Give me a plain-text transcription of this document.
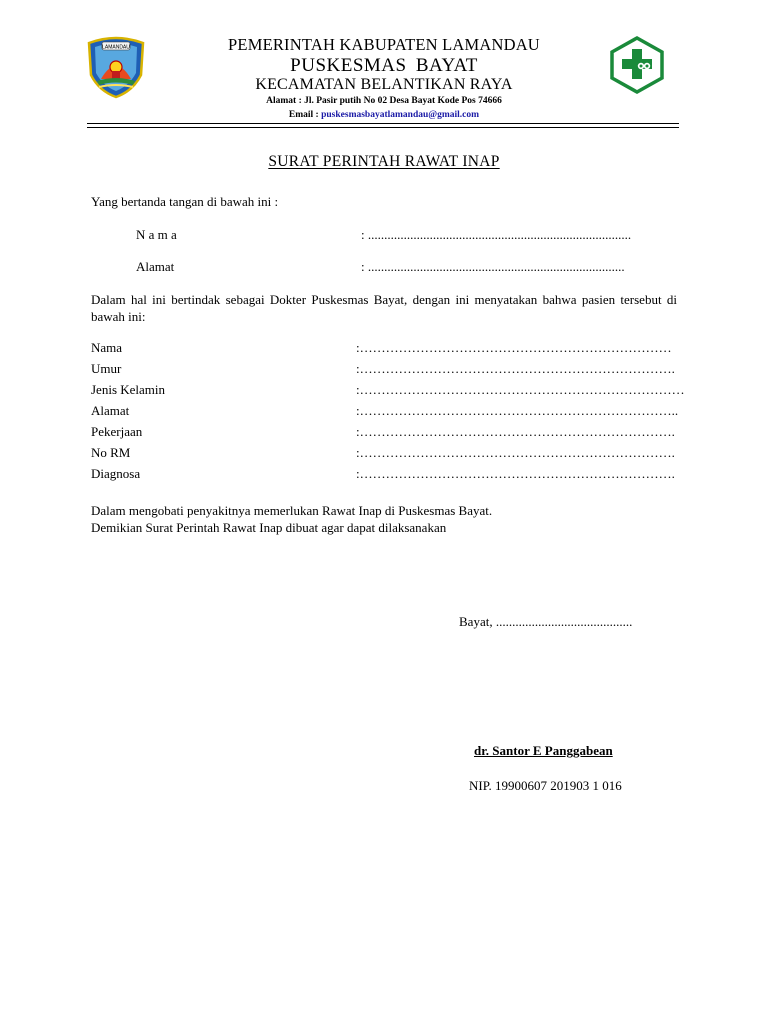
LAMANDAU	PEMERINTAH KABUPATEN LAMANDAU
PUSKESMAS BAYAT
KECAMATAN BELANTIKAN RAYA
Alamat : Jl. Pasir putih No 02 Desa Bayat Kode Pos 74666
Email : puskesmasbayatlamandau@gmail.com
SURAT PERINTAH RAWAT INAP
Yang bertanda tangan di bawah ini :
N a m a	: .................................................................................
Alamat	: ...............................................................................
Dalam hal ini bertindak sebagai Dokter Puskesmas Bayat, dengan ini menyatakan bahwa pasien tersebut di bawah ini:
Nama	:………………………………………………………………
Umur	:……………………………………………………………….
Jenis Kelamin	:…………………………………………………………………
Alamat	:………………………………………………………………..
Pekerjaan	:……………………………………………………………….
No RM	:……………………………………………………………….
Diagnosa	:……………………………………………………………….
Dalam mengobati penyakitnya memerlukan Rawat Inap di Puskesmas Bayat.
Demikian Surat Perintah Rawat Inap dibuat agar dapat dilaksanakan
Bayat, ..........................................
dr. Santor E Panggabean
NIP. 19900607 201903 1 016
